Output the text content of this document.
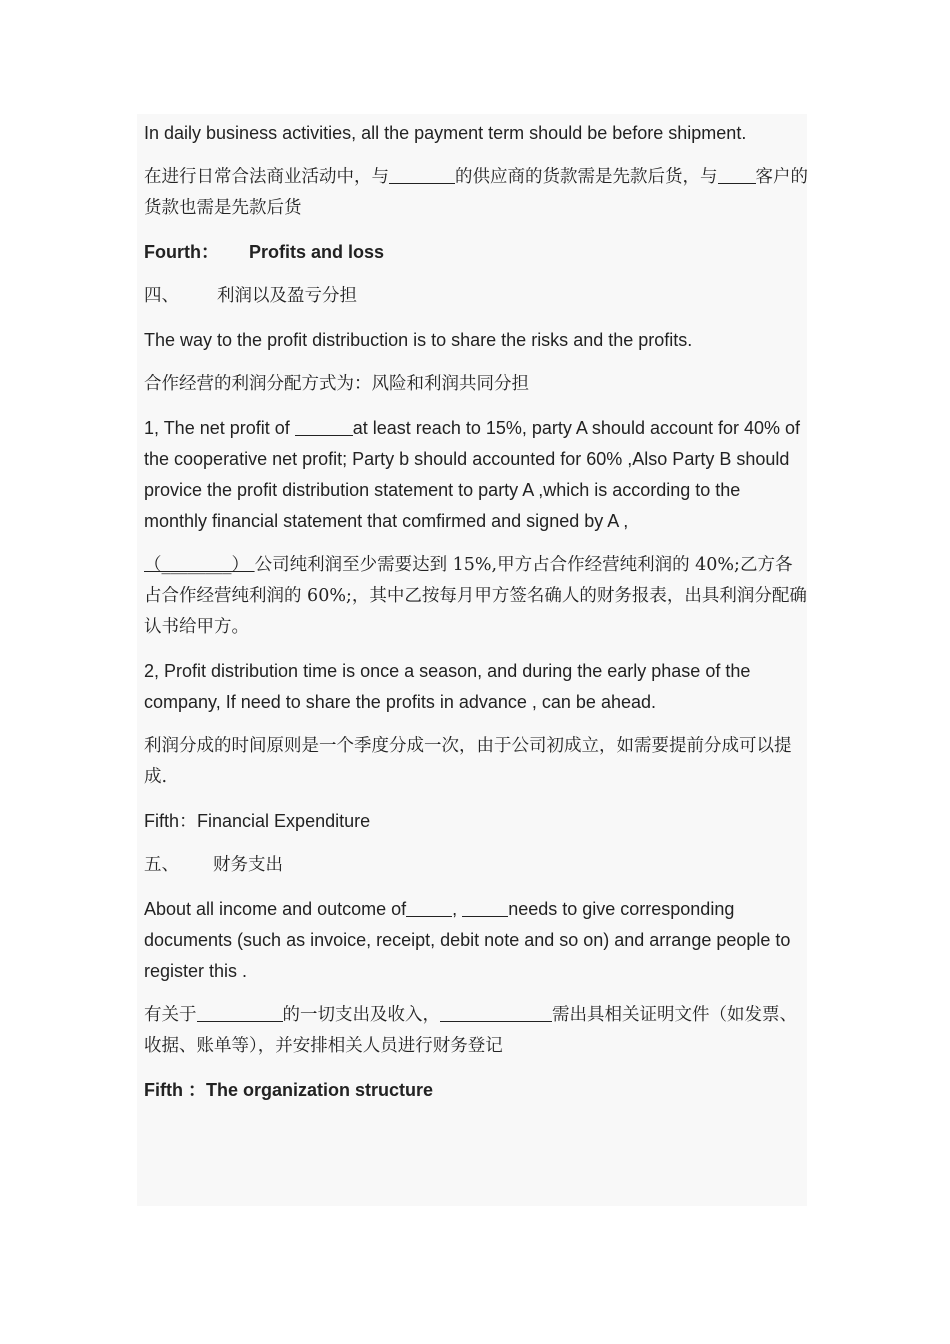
In daily business activities, all the payment term should be before shipment.

在进行日常合法商业活动中，与	的供应商的货款需是先款后货，与 客户的货款也需是先款后货

Fourth： Profits and loss

四、 利润以及盈亏分担

The way to the profit distribuction is to share the risks and the profits.

合作经营的利润分配方式为：风险和利润共同分担

1, The net profit of	at least reach to 15%, party A should account for 40% of the cooperative net profit; Party b should accounted for 60% ,Also Party B should provice the profit distribution statement to party A ,which is according to the monthly financial statement that comfirmed and signed by A ,

（________） 公司纯利润至少需要达到 15%,甲方占合作经营纯利润的 40%;乙方各占合作经营纯利润的 60%;，其中乙按每月甲方签名确人的财务报表，出具利润分配确认书给甲方。

2, Profit distribution time is once a season, and during the early phase of the company, If need to share the profits in advance , can be ahead.

利润分成的时间原则是一个季度分成一次，由于公司初成立，如需要提前分成可以提成.

Fifth：Financial Expenditure

五、 财务支出

About all income and outcome of	,	needs to give corresponding documents (such as invoice, receipt, debit note and so on) and arrange people to register this .

有关于	的一切支出及收入，	需出具相关证明文件（如发票、收据、账单等），并安排相关人员进行财务登记

Fifth ：The organization structure
